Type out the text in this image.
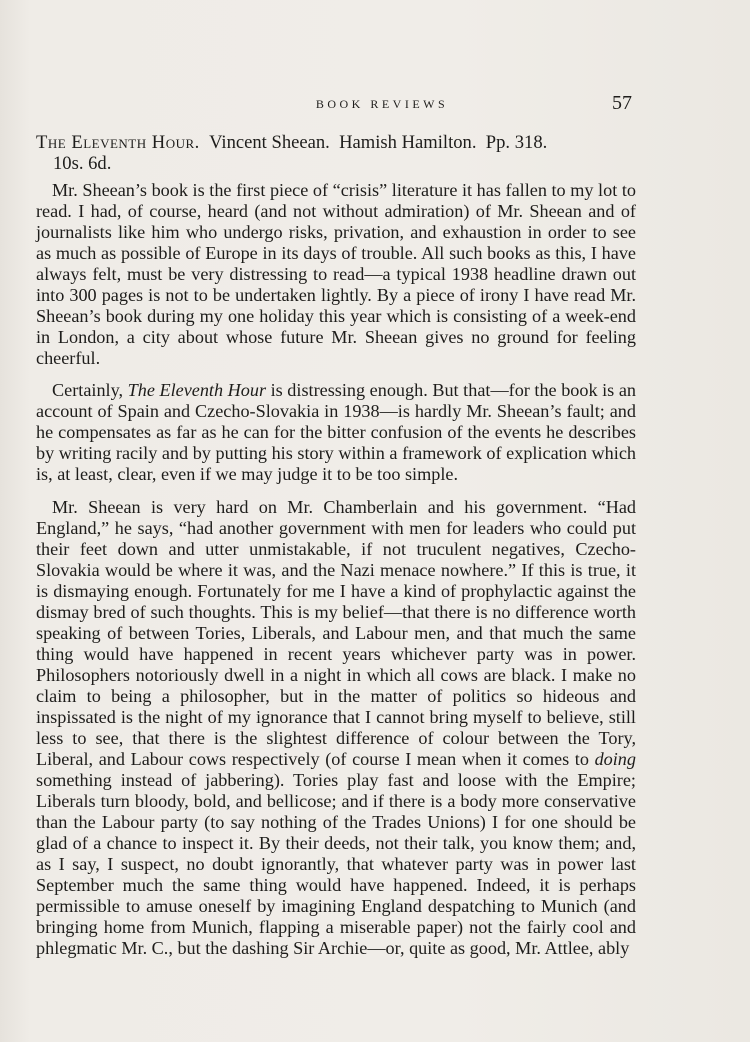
BOOK REVIEWS	57
The Eleventh Hour. Vincent Sheean. Hamish Hamilton. Pp. 318.
10s. 6d.

Mr. Sheean’s book is the first piece of “crisis” literature it has fallen to my lot to read. I had, of course, heard (and not without admiration) of Mr. Sheean and of journalists like him who undergo risks, privation, and exhaustion in order to see as much as possible of Europe in its days of trouble. All such books as this, I have always felt, must be very distressing to read—a typical 1938 headline drawn out into 300 pages is not to be undertaken lightly. By a piece of irony I have read Mr. Sheean’s book during my one holiday this year which is consisting of a week-end in London, a city about whose future Mr. Sheean gives no ground for feeling cheerful.

Certainly, The Eleventh Hour is distressing enough. But that—for the book is an account of Spain and Czecho-Slovakia in 1938—is hardly Mr. Sheean’s fault; and he compensates as far as he can for the bitter confusion of the events he describes by writing racily and by putting his story within a framework of explication which is, at least, clear, even if we may judge it to be too simple.

Mr. Sheean is very hard on Mr. Chamberlain and his government. “Had England,” he says, “had another government with men for leaders who could put their feet down and utter unmistakable, if not truculent negatives, Czecho-Slovakia would be where it was, and the Nazi menace nowhere.” If this is true, it is dismaying enough. Fortunately for me I have a kind of prophylactic against the dismay bred of such thoughts. This is my belief—that there is no difference worth speaking of between Tories, Liberals, and Labour men, and that much the same thing would have happened in recent years whichever party was in power. Philosophers notoriously dwell in a night in which all cows are black. I make no claim to being a philosopher, but in the matter of politics so hideous and inspissated is the night of my ignorance that I cannot bring myself to believe, still less to see, that there is the slightest difference of colour between the Tory, Liberal, and Labour cows respectively (of course I mean when it comes to doing something instead of jabbering). Tories play fast and loose with the Empire; Liberals turn bloody, bold, and bellicose; and if there is a body more conservative than the Labour party (to say nothing of the Trades Unions) I for one should be glad of a chance to inspect it. By their deeds, not their talk, you know them; and, as I say, I suspect, no doubt ignorantly, that whatever party was in power last September much the same thing would have happened. Indeed, it is perhaps permissible to amuse oneself by imagining England despatching to Munich (and bringing home from Munich, flapping a miserable paper) not the fairly cool and phlegmatic Mr. C., but the dashing Sir Archie—or, quite as good, Mr. Attlee, ably
